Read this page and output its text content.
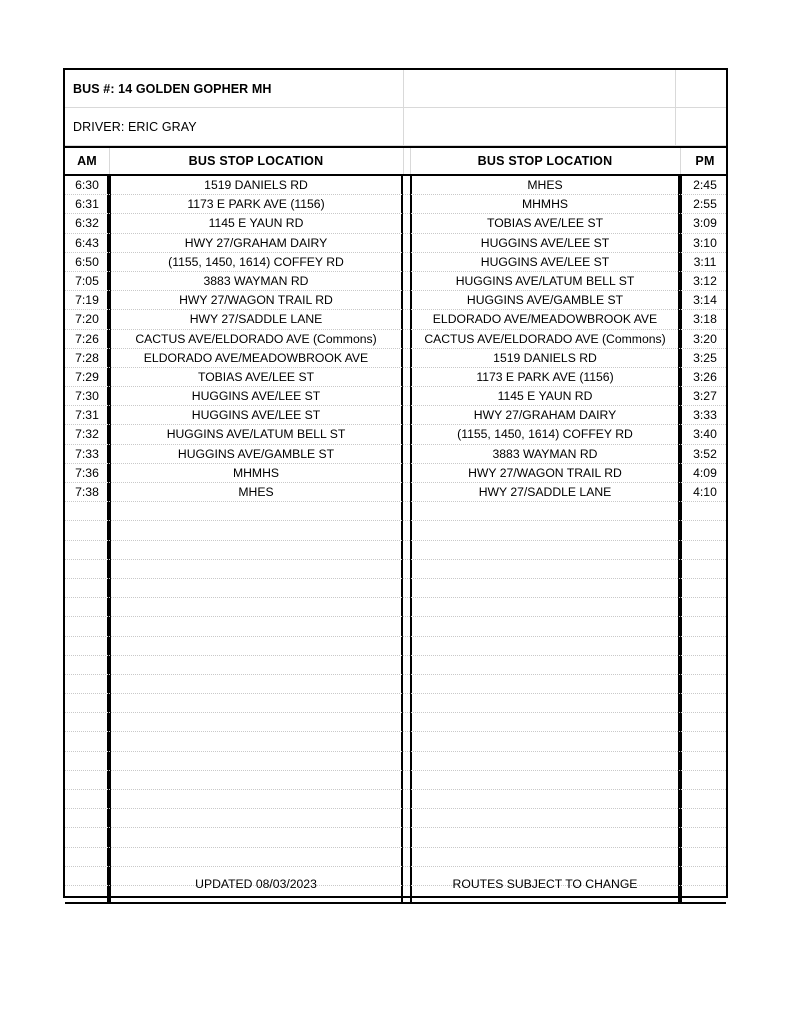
BUS #: 14 GOLDEN GOPHER MH
DRIVER: ERIC GRAY
AM	BUS STOP LOCATION	BUS STOP LOCATION	PM
6:30	1519 DANIELS RD	MHES	2:45
6:31	1173 E PARK AVE (1156)	MHMHS	2:55
6:32	1145 E YAUN RD	TOBIAS AVE/LEE ST	3:09
6:43	HWY 27/GRAHAM DAIRY	HUGGINS AVE/LEE ST	3:10
6:50	(1155, 1450, 1614) COFFEY RD	HUGGINS AVE/LEE ST	3:11
7:05	3883 WAYMAN RD	HUGGINS AVE/LATUM BELL ST	3:12
7:19	HWY 27/WAGON TRAIL RD	HUGGINS AVE/GAMBLE ST	3:14
7:20	HWY 27/SADDLE LANE	ELDORADO AVE/MEADOWBROOK AVE	3:18
7:26	CACTUS AVE/ELDORADO AVE (Commons)	CACTUS AVE/ELDORADO AVE (Commons)	3:20
7:28	ELDORADO AVE/MEADOWBROOK AVE	1519 DANIELS RD	3:25
7:29	TOBIAS AVE/LEE ST	1173 E PARK AVE (1156)	3:26
7:30	HUGGINS AVE/LEE ST	1145 E YAUN RD	3:27
7:31	HUGGINS AVE/LEE ST	HWY 27/GRAHAM DAIRY	3:33
7:32	HUGGINS AVE/LATUM BELL ST	(1155, 1450, 1614) COFFEY RD	3:40
7:33	HUGGINS AVE/GAMBLE ST	3883 WAYMAN RD	3:52
7:36	MHMHS	HWY 27/WAGON TRAIL RD	4:09
7:38	MHES	HWY 27/SADDLE LANE	4:10
UPDATED 08/03/2023	ROUTES SUBJECT TO CHANGE
